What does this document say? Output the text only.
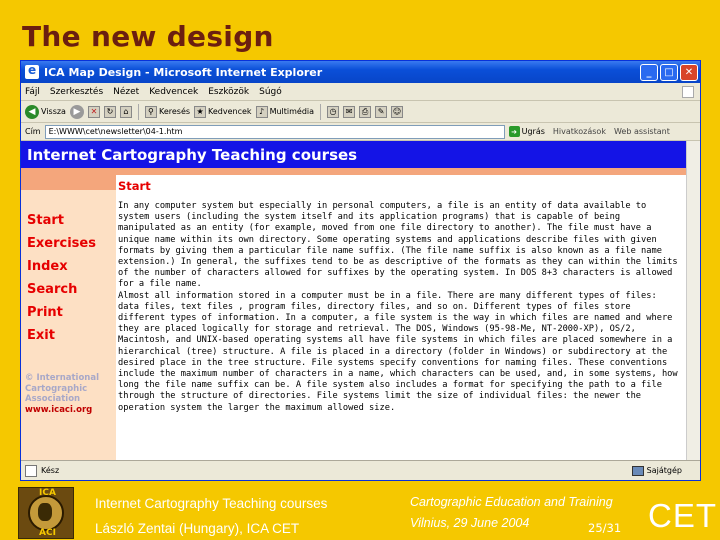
The new design
e
ICA Map Design - Microsoft Internet Explorer	_	□	✕
Fájl Szerkesztés Nézet Kedvencek Eszközök Súgó
◀ Vissza ▶	✕	↻	⌂	⚲ Keresés ★ Kedvencek ♪ Multimédia	◷	✉	⎙	✎	☺
Cím	E:\WWW\cet\newsletter\04-1.htm	➜ Ugrás Hivatkozások Web assistant
Internet Cartography Teaching courses
Start
Exercises
Index
Search
Print
Exit
© International
Cartographic
Association
www.icaci.org
Start
In any computer system but especially in personal computers, a file is an entity of data available to system users (including the system itself and its application programs) that is capable of being manipulated as an entity (for example, moved from one file directory to another). The file must have a unique name within its own directory. Some operating systems and applications describe files with given formats by giving them a particular file name suffix. (The file name suffix is also known as a file name extension.) In general, the suffixes tend to be as descriptive of the formats as they can within the limits of the number of characters allowed for suffixes by the operating system. In DOS 8+3 characters is allowed for a file name.
Almost all information stored in a computer must be in a file. There are many different types of files: data files, text files , program files, directory files, and so on. Different types of files store different types of information. In a computer, a file system is the way in which files are named and where they are placed logically for storage and retrieval. The DOS, Windows (95-98-Me, NT-2000-XP), OS/2, Macintosh, and UNIX-based operating systems all have file systems in which files are placed somewhere in a hierarchical (tree) structure. A file is placed in a directory (folder in Windows) or subdirectory at the desired place in the tree structure. File systems specify conventions for naming files. These conventions include the maximum number of characters in a name, which characters can be used, and, in some systems, how long the file name suffix can be. A file system also includes a format for specifying the path to a file through the structure of directories. File systems limit the size of individual files: the newer the operation system the larger the maximum allowed size.
Kész	Sajátgép
ICA
ACI
Internet Cartography Teaching courses
László Zentai (Hungary), ICA CET
Cartographic Education and Training
Vilnius, 29 June 2004	25/31 CET
